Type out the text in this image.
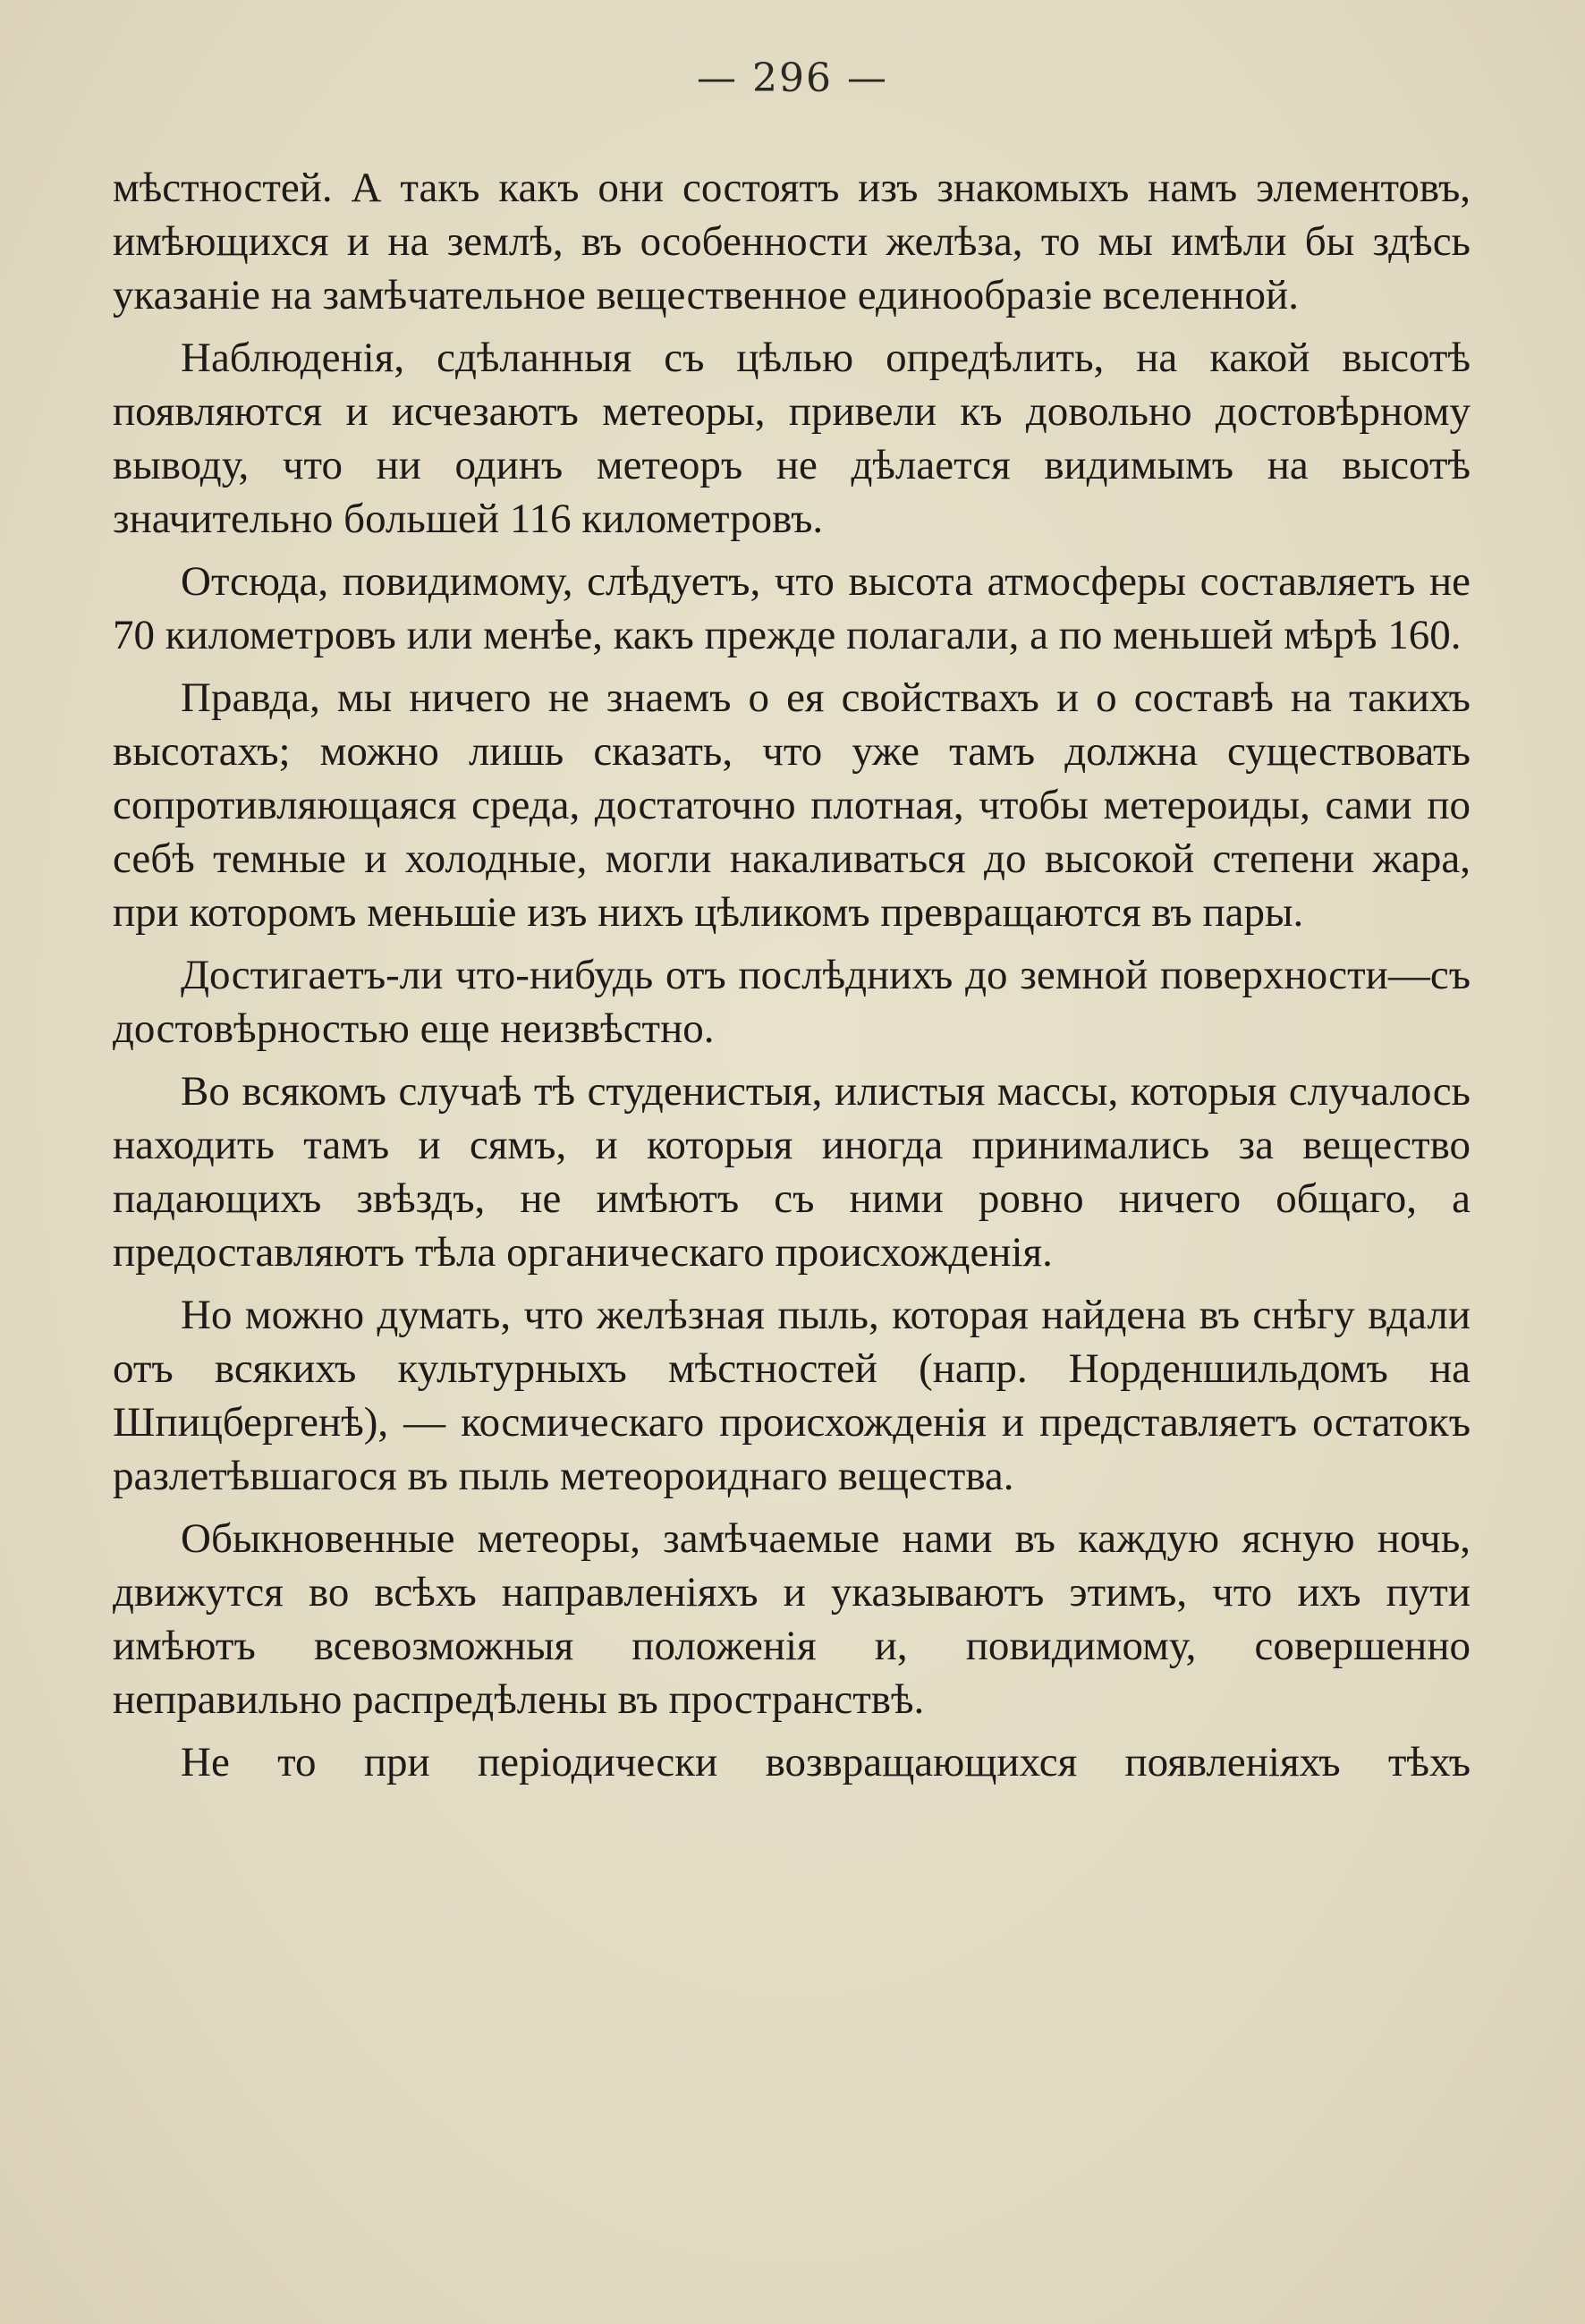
— 296 —

мѣстностей. А такъ какъ они состоятъ изъ знакомыхъ намъ элементовъ, имѣющихся и на землѣ, въ особенности желѣза, то мы имѣли бы здѣсь указаніе на замѣчательное вещественное единообразіе вселенной.

Наблюденія, сдѣланныя съ цѣлью опредѣлить, на какой высотѣ появляются и исчезаютъ метеоры, привели къ довольно достовѣрному выводу, что ни одинъ метеоръ не дѣлается видимымъ на высотѣ значительно большей 116 километровъ.

Отсюда, повидимому, слѣдуетъ, что высота атмосферы составляетъ не 70 километровъ или менѣе, какъ прежде полагали, а по меньшей мѣрѣ 160.

Правда, мы ничего не знаемъ о ея свойствахъ и о составѣ на такихъ высотахъ; можно лишь сказать, что уже тамъ должна существовать сопротивляющаяся среда, достаточно плотная, чтобы метероиды, сами по себѣ темные и холодные, могли накаливаться до высокой степени жара, при которомъ меньшіе изъ нихъ цѣликомъ превращаются въ пары.

Достигаетъ-ли что-нибудь отъ послѣднихъ до земной поверхности—съ достовѣрностью еще неизвѣстно.

Во всякомъ случаѣ тѣ студенистыя, илистыя массы, которыя случалось находить тамъ и сямъ, и которыя иногда принимались за вещество падающихъ звѣздъ, не имѣютъ съ ними ровно ничего общаго, а предоставляютъ тѣла органическаго происхожденія.

Но можно думать, что желѣзная пыль, которая найдена въ снѣгу вдали отъ всякихъ культурныхъ мѣстностей (напр. Норденшильдомъ на Шпицбергенѣ), — космическаго происхожденія и представляетъ остатокъ разлетѣвшагося въ пыль метеороиднаго вещества.

Обыкновенные метеоры, замѣчаемые нами въ каждую ясную ночь, движутся во всѣхъ направленіяхъ и указываютъ этимъ, что ихъ пути имѣютъ всевозможныя положенія и, повидимому, совершенно неправильно распредѣлены въ пространствѣ.

Не то при періодически возвращающихся появленіяхъ тѣхъ
